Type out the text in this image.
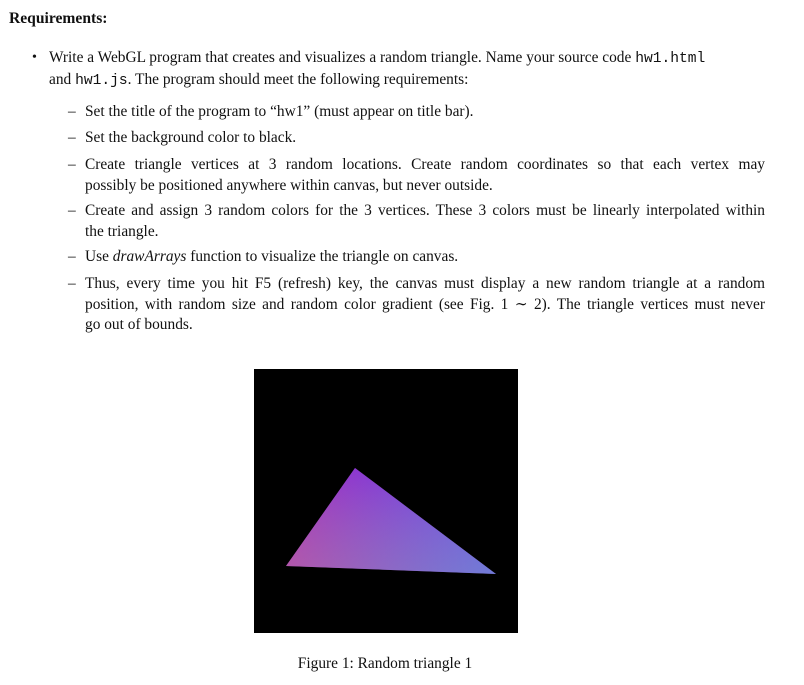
Requirements:
• Write a WebGL program that creates and visualizes a random triangle. Name your source code hw1.html
and hw1.js. The program should meet the following requirements:
– Set the title of the program to “hw1” (must appear on title bar).
– Set the background color to black.
– Create triangle vertices at 3 random locations. Create random coordinates so that each vertex may
possibly be positioned anywhere within canvas, but never outside.
– Create and assign 3 random colors for the 3 vertices. These 3 colors must be linearly interpolated within
the triangle.
– Use drawArrays function to visualize the triangle on canvas.
– Thus, every time you hit F5 (refresh) key, the canvas must display a new random triangle at a random
position, with random size and random color gradient (see Fig. 1 ∼ 2). The triangle vertices must never
go out of bounds.
Figure 1: Random triangle 1
